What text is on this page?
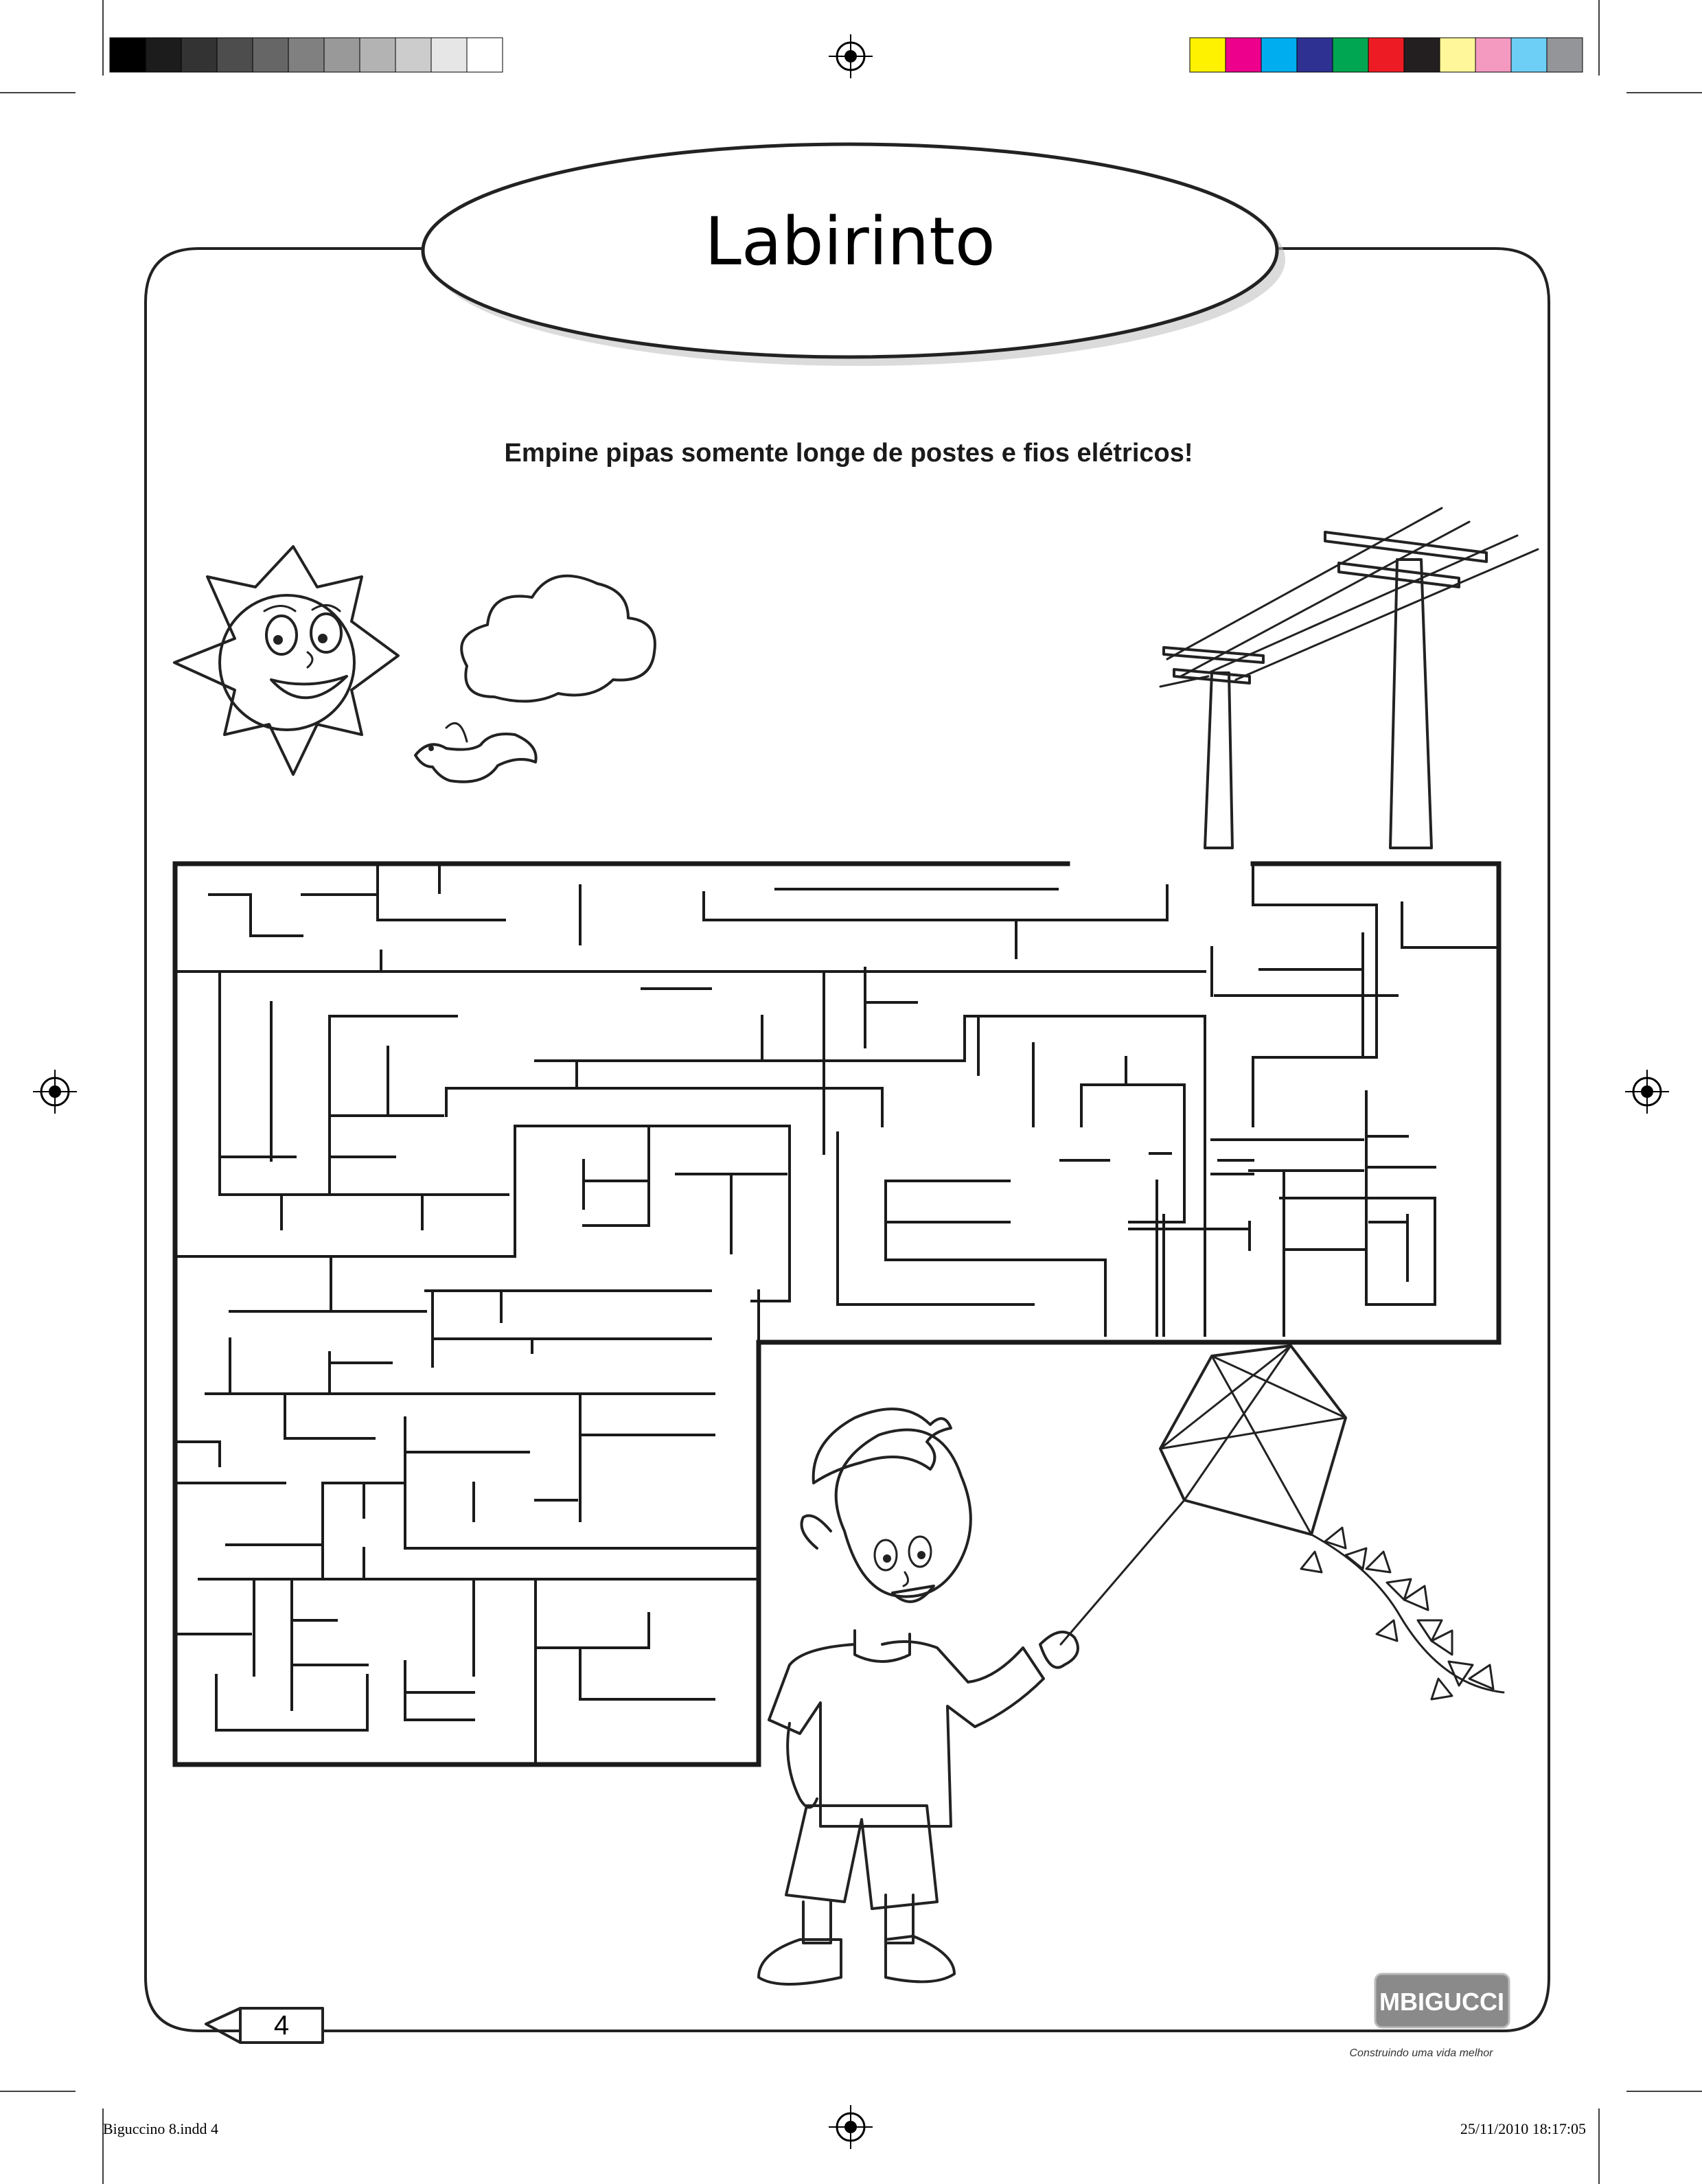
Labirinto
Empine pipas somente longe de postes e fios elétricos!
4
MBIGUCCI
Construindo uma vida melhor
Biguccino 8.indd 4	25/11/2010 18:17:05
